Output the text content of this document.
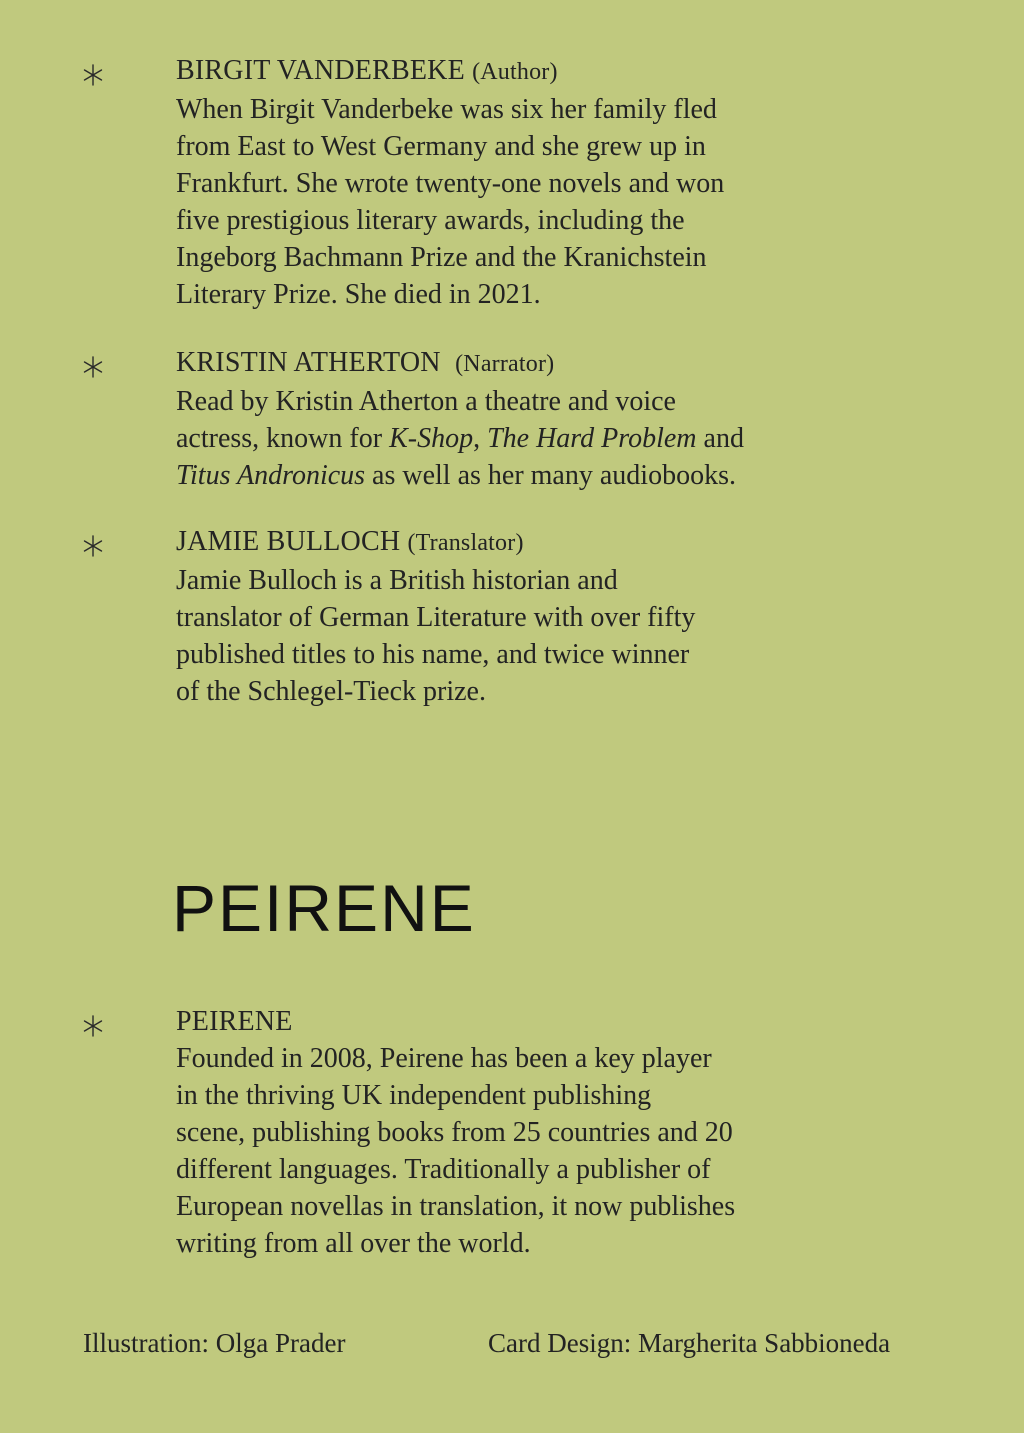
BIRGIT VANDERBEKE (Author)
When Birgit Vanderbeke was six her family fled
from East to West Germany and she grew up in
Frankfurt. She wrote twenty-one novels and won
five prestigious literary awards, including the
Ingeborg Bachmann Prize and the Kranichstein
Literary Prize. She died in 2021.
KRISTIN ATHERTON (Narrator)
Read by Kristin Atherton a theatre and voice
actress, known for K-Shop, The Hard Problem and
Titus Andronicus as well as her many audiobooks.
JAMIE BULLOCH (Translator)
Jamie Bulloch is a British historian and
translator of German Literature with over fifty
published titles to his name, and twice winner
of the Schlegel-Tieck prize.
PEIRENE
PEIRENE
Founded in 2008, Peirene has been a key player
in the thriving UK independent publishing
scene, publishing books from 25 countries and 20
different languages. Traditionally a publisher of
European novellas in translation, it now publishes
writing from all over the world.
Illustration: Olga Prader	Card Design: Margherita Sabbioneda
